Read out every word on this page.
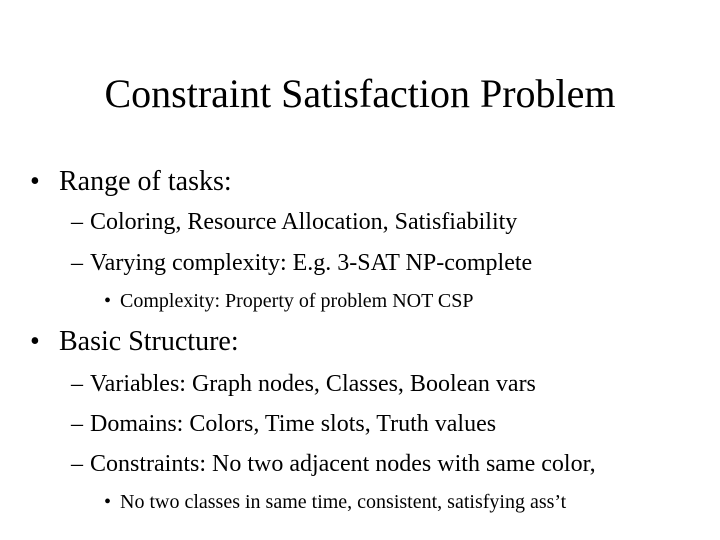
Constraint Satisfaction Problem
• Range of tasks:
– Coloring, Resource Allocation, Satisfiability
– Varying complexity: E.g. 3-SAT NP-complete
• Complexity: Property of problem NOT CSP
• Basic Structure:
– Variables: Graph nodes, Classes, Boolean vars
– Domains: Colors, Time slots, Truth values
– Constraints: No two adjacent nodes with same color,
• No two classes in same time, consistent, satisfying ass’t
